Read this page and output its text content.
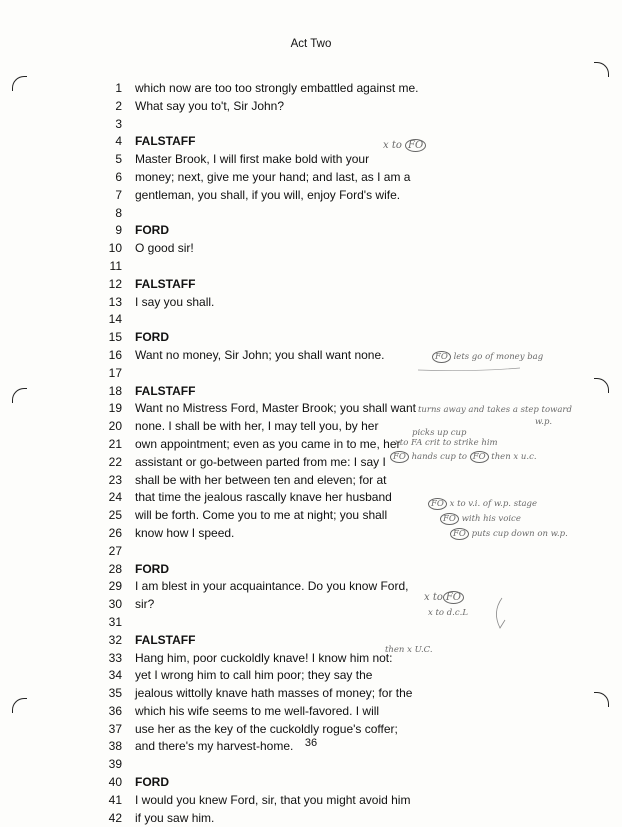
Act Two
1 which now are too too strongly embattled against me.
2 What say you to't, Sir John?
3
4 FALSTAFF
5 Master Brook, I will first make bold with your
6 money; next, give me your hand; and last, as I am a
7 gentleman, you shall, if you will, enjoy Ford's wife.
8
9 FORD
10 O good sir!
11
12 FALSTAFF
13 I say you shall.
14
15 FORD
16 Want no money, Sir John; you shall want none.
17
18 FALSTAFF
19 Want no Mistress Ford, Master Brook; you shall want
20 none. I shall be with her, I may tell you, by her
21 own appointment; even as you came in to me, her
22 assistant or go-between parted from me: I say I
23 shall be with her between ten and eleven; for at
24 that time the jealous rascally knave her husband
25 will be forth. Come you to me at night; you shall
26 know how I speed.
27
28 FORD
29 I am blest in your acquaintance. Do you know Ford,
30 sir?
31
32 FALSTAFF
33 Hang him, poor cuckoldly knave! I know him not:
34 yet I wrong him to call him poor; they say the
35 jealous wittolly knave hath masses of money; for the
36 which his wife seems to me well-favored. I will
37 use her as the key of the cuckoldly rogue's coffer;
38 and there's my harvest-home.
39
40 FORD
41 I would you knew Ford, sir, that you might avoid him
42 if you saw him.
x to FO
FO lets go of money bag
turns away and takes a step toward
w.p.
picks up cup
xto FA crit to strike him
FO hands cup to FO then x u.c.
FO x to v.i. of w.p. stage
FO with his voice
FO puts cup down on w.p.
x to FO
x to d.c.L
then x U.C.
36
